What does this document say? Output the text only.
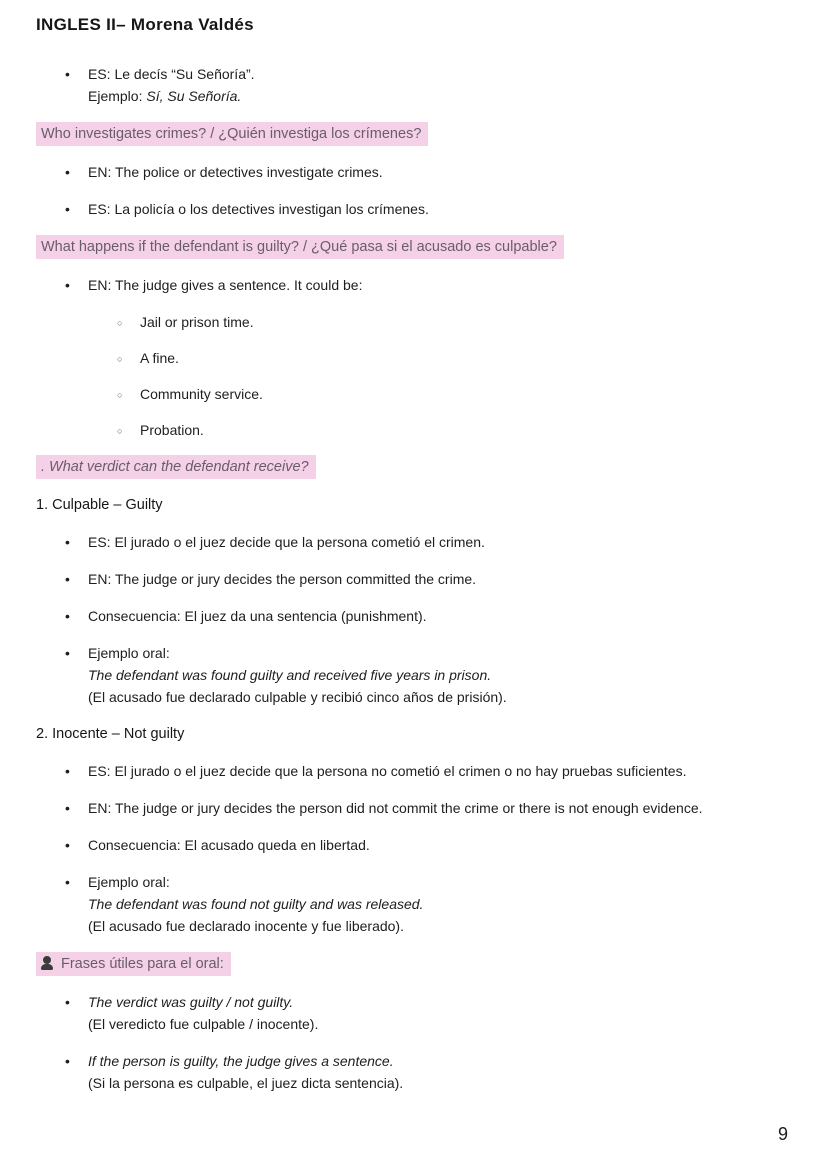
INGLES II– Morena Valdés
• ES: Le decís “Su Señoría”.
Ejemplo: Sí, Su Señoría.
Who investigates crimes? / ¿Quién investiga los crímenes?
• EN: The police or detectives investigate crimes.
• ES: La policía o los detectives investigan los crímenes.
What happens if the defendant is guilty? / ¿Qué pasa si el acusado es culpable?
• EN: The judge gives a sentence. It could be:
○ Jail or prison time.
○ A fine.
○ Community service.
○ Probation.
. What verdict can the defendant receive?
1. Culpable – Guilty
• ES: El jurado o el juez decide que la persona cometió el crimen.
• EN: The judge or jury decides the person committed the crime.
• Consecuencia: El juez da una sentencia (punishment).
• Ejemplo oral:
The defendant was found guilty and received five years in prison.
(El acusado fue declarado culpable y recibió cinco años de prisión).
2. Inocente – Not guilty
• ES: El jurado o el juez decide que la persona no cometió el crimen o no hay pruebas suficientes.
• EN: The judge or jury decides the person did not commit the crime or there is not enough evidence.
• Consecuencia: El acusado queda en libertad.
• Ejemplo oral:
The defendant was found not guilty and was released.
(El acusado fue declarado inocente y fue liberado).
Frases útiles para el oral:
• The verdict was guilty / not guilty.
(El veredicto fue culpable / inocente).
• If the person is guilty, the judge gives a sentence.
(Si la persona es culpable, el juez dicta sentencia).
9
